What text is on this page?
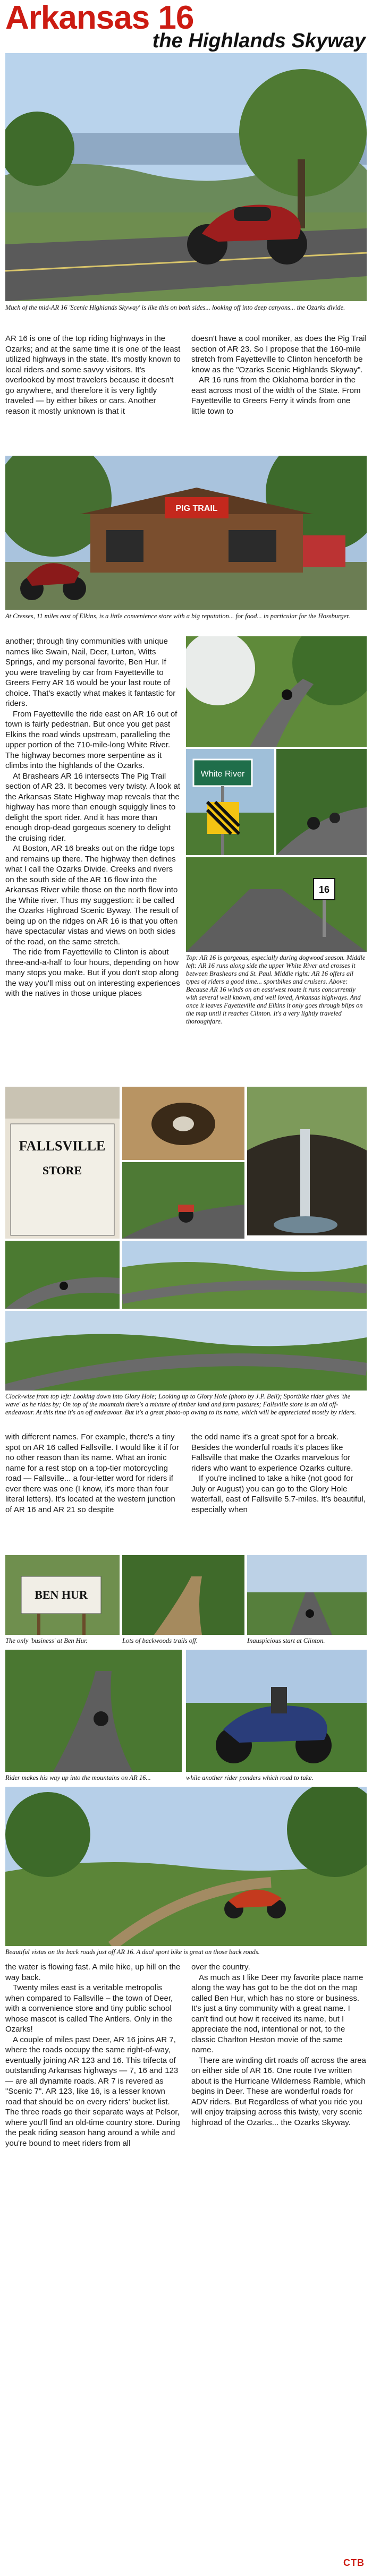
Arkansas 16
the Highlands Skyway
Much of the mid-AR 16 'Scenic Highlands Skyway' is like this on both sides... looking off into deep canyons... the Ozarks divide.

AR 16 is one of the top riding highways in the Ozarks; and at the same time it is one of the least utilized highways in the state. It's mostly known to local riders and some savvy visitors. It's overlooked by most travelers because it doesn't go anywhere, and therefore it is very lightly traveled — by either bikes or cars. Another reason it mostly unknown is that it

doesn't have a cool moniker, as does the Pig Trail section of AR 23. So I propose that the 160-mile stretch from Fayetteville to Clinton henceforth be know as the "Ozarks Scenic Highlands Skyway".

AR 16 runs from the Oklahoma border in the east across most of the width of the State. From Fayetteville to Greers Ferry it winds from one little town to

PIG TRAIL
At Cresses, 11 miles east of Elkins, is a little convenience store with a big reputation... for food... in particular for the Hossburger.

another; through tiny communities with unique names like Swain, Nail, Deer, Lurton, Witts Springs, and my personal favorite, Ben Hur. If you were traveling by car from Fayetteville to Greers Ferry AR 16 would be your last route of choice. That's exactly what makes it fantastic for riders.

From Fayetteville the ride east on AR 16 out of town is fairly pedestrian. But once you get past Elkins the road winds upstream, paralleling the upper portion of the 710-mile-long White River. The highway becomes more serpentine as it climbs into the highlands of the Ozarks.

At Brashears AR 16 intersects The Pig Trail section of AR 23. It becomes very twisty. A look at the Arkansas State Highway map reveals that the highway has more than enough squiggly lines to delight the sport rider. And it has more than enough drop-dead gorgeous scenery to delight the cruising rider.

At Boston, AR 16 breaks out on the ridge tops and remains up there. The highway then defines what I call the Ozarks Divide. Creeks and rivers on the south side of the AR 16 flow into the Arkansas River while those on the north flow into the White river. Thus my suggestion: it be called the Ozarks Highroad Scenic Byway. The result of being up on the ridges on AR 16 is that you often have spectacular vistas and views on both sides of the road, on the same stretch.

The ride from Fayetteville to Clinton is about three-and-a-half to four hours, depending on how many stops you make. But if you don't stop along the way you'll miss out on interesting experiences with the natives in those unique places

White River
16
Top: AR 16 is gorgeous, especially during dogwood season. Middle left: AR 16 runs along side the upper White River and crosses it between Brashears and St. Paul. Middle right: AR 16 offers all types of riders a good time... sportbikes and cruisers. Above: Because AR 16 winds on an east/west route it runs concurrently with several well known, and well loved, Arkansas highways. And once it leaves Fayetteville and Elkins it only goes through blips on the map until it reaches Clinton. It's a very lightly traveled thoroughfare.
FALLSVILLE
STORE
Clock-wise from top left: Looking down into Glory Hole; Looking up to Glory Hole (photo by J.P. Bell); Sportbike rider gives 'the wave' as he rides by; On top of the mountain there's a mixture of timber land and farm pastures; Fallsville store is an old off-endeavour. At this time it's an off endeavour. But it's a great photo-op owing to its name, which will be appreciated mostly by riders.

with different names. For example, there's a tiny spot on AR 16 called Fallsville. I would like it if for no other reason than its name. What an ironic name for a rest stop on a top-tier motorcycling road — Fallsville... a four-letter word for riders if ever there was one (I know, it's more than four literal letters). It's located at the western junction of AR 16 and AR 21 so despite

the odd name it's a great spot for a break. Besides the wonderful roads it's places like Fallsville that make the Ozarks marvelous for riders who want to experience Ozarks culture.

If you're inclined to take a hike (not good for July or August) you can go to the Glory Hole waterfall, east of Fallsville 5.7-miles. It's beautiful, especially when

BEN HUR
The only 'business' at Ben Hur.	Lots of backwoods trails off.	Inauspicious start at Clinton.
Rider makes his way up into the mountains on AR 16...	while another rider ponders which road to take.
Beautiful vistas on the back roads just off AR 16. A dual sport bike is great on those back roads.

the water is flowing fast. A mile hike, up hill on the way back.

Twenty miles east is a veritable metropolis when compared to Fallsville – the town of Deer, with a convenience store and tiny public school whose mascot is called The Antlers. Only in the Ozarks!

A couple of miles past Deer, AR 16 joins AR 7, where the roads occupy the same right-of-way, eventually joining AR 123 and 16. This trifecta of outstanding Arkansas highways — 7, 16 and 123 — are all dynamite roads. AR 7 is revered as "Scenic 7". AR 123, like 16, is a lesser known road that should be on every riders' bucket list. The three roads go their separate ways at Pelsor, where you'll find an old-time country store. During the peak riding season hang around a while and you're bound to meet riders from all

over the country.

As much as I like Deer my favorite place name along the way has got to be the dot on the map called Ben Hur, which has no store or business. It's just a tiny community with a great name. I can't find out how it received its name, but I appreciate the nod, intentional or not, to the classic Charlton Heston movie of the same name.

There are winding dirt roads off across the area on either side of AR 16. One route I've written about is the Hurricane Wilderness Ramble, which begins in Deer. These are wonderful roads for ADV riders. But Regardless of what you ride you will enjoy traipsing across this twisty, very scenic highroad of the Ozarks... the Ozarks Skyway.

CTB
